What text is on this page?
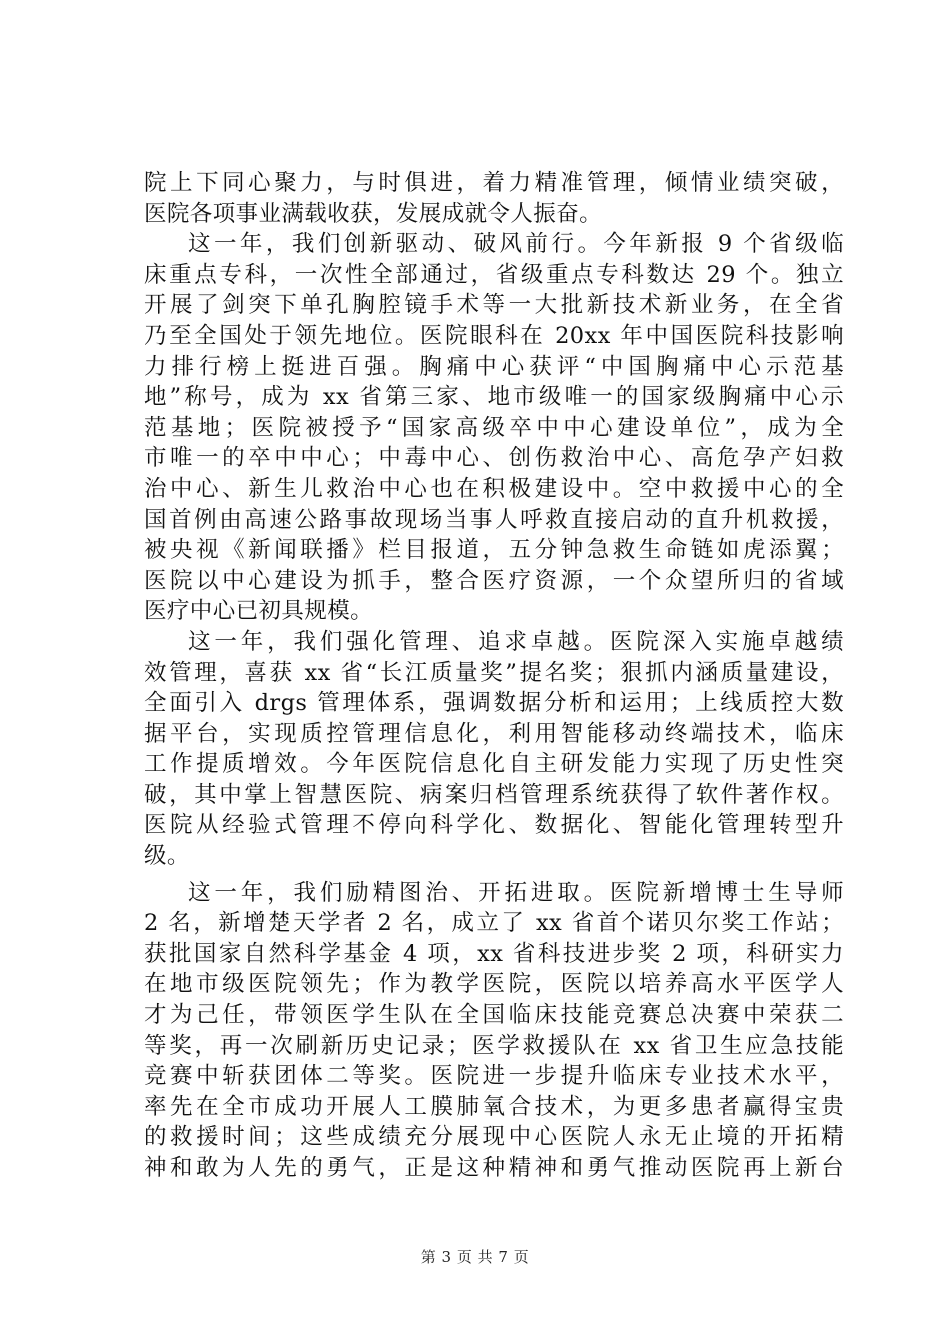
院上下同心聚力，与时俱进，着力精准管理，倾情业绩突破，
医院各项事业满载收获，发展成就令人振奋。

这一年，我们创新驱动、破风前行。今年新报 9 个省级临
床重点专科，一次性全部通过，省级重点专科数达 29 个。独立
开展了剑突下单孔胸腔镜手术等一大批新技术新业务，在全省
乃至全国处于领先地位。医院眼科在 20xx 年中国医院科技影响
力排行榜上挺进百强。胸痛中心获评“中国胸痛中心示范基
地”称号，成为 xx 省第三家、地市级唯一的国家级胸痛中心示
范基地；医院被授予“国家高级卒中中心建设单位”，成为全
市唯一的卒中中心；中毒中心、创伤救治中心、高危孕产妇救
治中心、新生儿救治中心也在积极建设中。空中救援中心的全
国首例由高速公路事故现场当事人呼救直接启动的直升机救援，
被央视《新闻联播》栏目报道，五分钟急救生命链如虎添翼；
医院以中心建设为抓手，整合医疗资源，一个众望所归的省域
医疗中心已初具规模。

这一年，我们强化管理、追求卓越。医院深入实施卓越绩
效管理，喜获 xx 省“长江质量奖”提名奖；狠抓内涵质量建设，
全面引入 drgs 管理体系，强调数据分析和运用；上线质控大数
据平台，实现质控管理信息化，利用智能移动终端技术，临床
工作提质增效。今年医院信息化自主研发能力实现了历史性突
破，其中掌上智慧医院、病案归档管理系统获得了软件著作权。
医院从经验式管理不停向科学化、数据化、智能化管理转型升
级。

这一年，我们励精图治、开拓进取。医院新增博士生导师
2 名，新增楚天学者 2 名，成立了 xx 省首个诺贝尔奖工作站；
获批国家自然科学基金 4 项，xx 省科技进步奖 2 项，科研实力
在地市级医院领先；作为教学医院，医院以培养高水平医学人
才为己任，带领医学生队在全国临床技能竞赛总决赛中荣获二
等奖，再一次刷新历史记录；医学救援队在 xx 省卫生应急技能
竞赛中斩获团体二等奖。医院进一步提升临床专业技术水平，
率先在全市成功开展人工膜肺氧合技术，为更多患者赢得宝贵
的救援时间；这些成绩充分展现中心医院人永无止境的开拓精
神和敢为人先的勇气，正是这种精神和勇气推动医院再上新台

第 3 页 共 7 页
